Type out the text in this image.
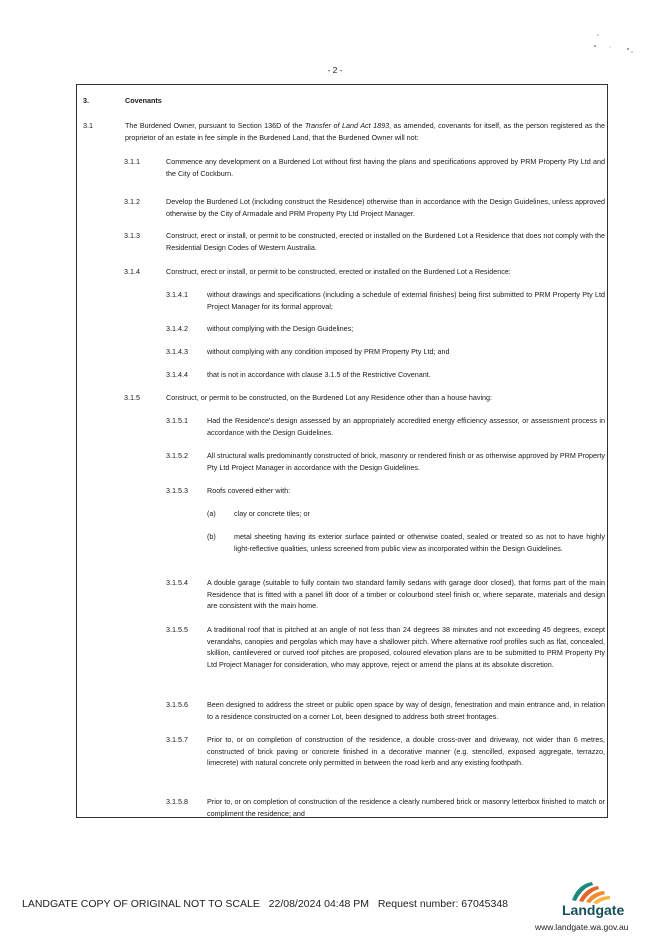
- 2 -
3.	Covenants
3.1	The Burdened Owner, pursuant to Section 136D of the Transfer of Land Act 1893, as amended, covenants for itself, as the person registered as the proprietor of an estate in fee simple in the Burdened Land, that the Burdened Owner will not:
3.1.1	Commence any development on a Burdened Lot without first having the plans and specifications approved by PRM Property Pty Ltd and the City of Cockburn.
3.1.2	Develop the Burdened Lot (including construct the Residence) otherwise than in accordance with the Design Guidelines, unless approved otherwise by the City of Armadale and PRM Property Pty Ltd Project Manager.
3.1.3	Construct, erect or install, or permit to be constructed, erected or installed on the Burdened Lot a Residence that does not comply with the Residential Design Codes of Western Australia.
3.1.4	Construct, erect or install, or permit to be constructed, erected or installed on the Burdened Lot a Residence:
3.1.4.1	without drawings and specifications (including a schedule of external finishes) being first submitted to PRM Property Pty Ltd Project Manager for its formal approval;
3.1.4.2	without complying with the Design Guidelines;
3.1.4.3	without complying with any condition imposed by PRM Property Pty Ltd; and
3.1.4.4	that is not in accordance with clause 3.1.5 of the Restrictive Covenant.
3.1.5	Construct, or permit to be constructed, on the Burdened Lot any Residence other than a house having:
3.1.5.1	Had the Residence's design assessed by an appropriately accredited energy efficiency assessor, or assessment process in accordance with the Design Guidelines.
3.1.5.2	All structural walls predominantly constructed of brick, masonry or rendered finish or as otherwise approved by PRM Property Pty Ltd Project Manager in accordance with the Design Guidelines.
3.1.5.3	Roofs covered either with:
(a)	clay or concrete tiles; or
(b)	metal sheeting having its exterior surface painted or otherwise coated, sealed or treated so as not to have highly light-reflective qualities, unless screened from public view as incorporated within the Design Guidelines.
3.1.5.4	A double garage (suitable to fully contain two standard family sedans with garage door closed), that forms part of the main Residence that is fitted with a panel lift door of a timber or colourbond steel finish or, where separate, materials and design are consistent with the main home.
3.1.5.5	A traditional roof that is pitched at an angle of not less than 24 degrees 38 minutes and not exceeding 45 degrees, except verandahs, canopies and pergolas which may have a shallower pitch. Where alternative roof profiles such as flat, concealed, skillion, cantilevered or curved roof pitches are proposed, coloured elevation plans are to be submitted to PRM Property Pty Ltd Project Manager for consideration, who may approve, reject or amend the plans at its absolute discretion.
3.1.5.6	Been designed to address the street or public open space by way of design, fenestration and main entrance and, in relation to a residence constructed on a corner Lot, been designed to address both street frontages.
3.1.5.7	Prior to, or on completion of construction of the residence, a double cross-over and driveway, not wider than 6 metres, constructed of brick paving or concrete finished in a decorative manner (e.g. stencilled, exposed aggregate, terrazzo, limecrete) with natural concrete only permitted in between the road kerb and any existing foothpath.
3.1.5.8	Prior to, or on completion of construction of the residence a clearly numbered brick or masonry letterbox finished to match or compliment the residence; and
LANDGATE COPY OF ORIGINAL NOT TO SCALE 22/08/2024 04:48 PM Request number: 67045348	Landgate
www.landgate.wa.gov.au
